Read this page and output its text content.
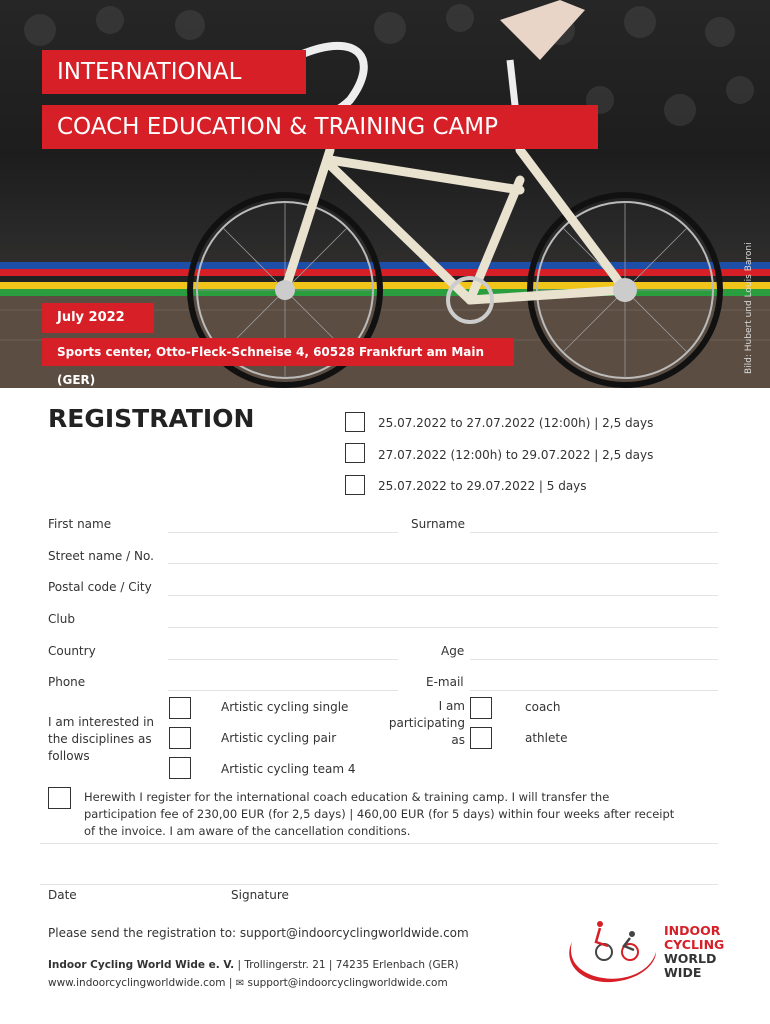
INTERNATIONAL
COACH EDUCATION & TRAINING CAMP
July 2022
Sports center, Otto-Fleck-Schneise 4, 60528 Frankfurt am Main (GER)
Bild: Hubert und Louis Baroni
REGISTRATION	25.07.2022 to 27.07.2022 (12:00h) | 2,5 days
27.07.2022 (12:00h) to 29.07.2022 | 2,5 days
25.07.2022 to 29.07.2022 | 5 days
First name	Surname
Street name / No.
Postal code / City
Club
Country	Age
Phone	E-mail
I am interested in
the disciplines as
follows
Artistic cycling single
Artistic cycling pair
Artistic cycling team 4
I am
participating
as
coach
athlete
Herewith I register for the international coach education & training camp. I will transfer the participation fee of 230,00 EUR (for 2,5 days) | 460,00 EUR (for 5 days) within four weeks after receipt of the invoice. I am aware of the cancellation conditions.
Date	Signature
Please send the registration to: support@indoorcyclingworldwide.com
Indoor Cycling World Wide e. V. | Trollingerstr. 21 | 74235 Erlenbach (GER)
www.indoorcyclingworldwide.com | ✉ support@indoorcyclingworldwide.com
INDOOR
CYCLING
WORLD
WIDE
